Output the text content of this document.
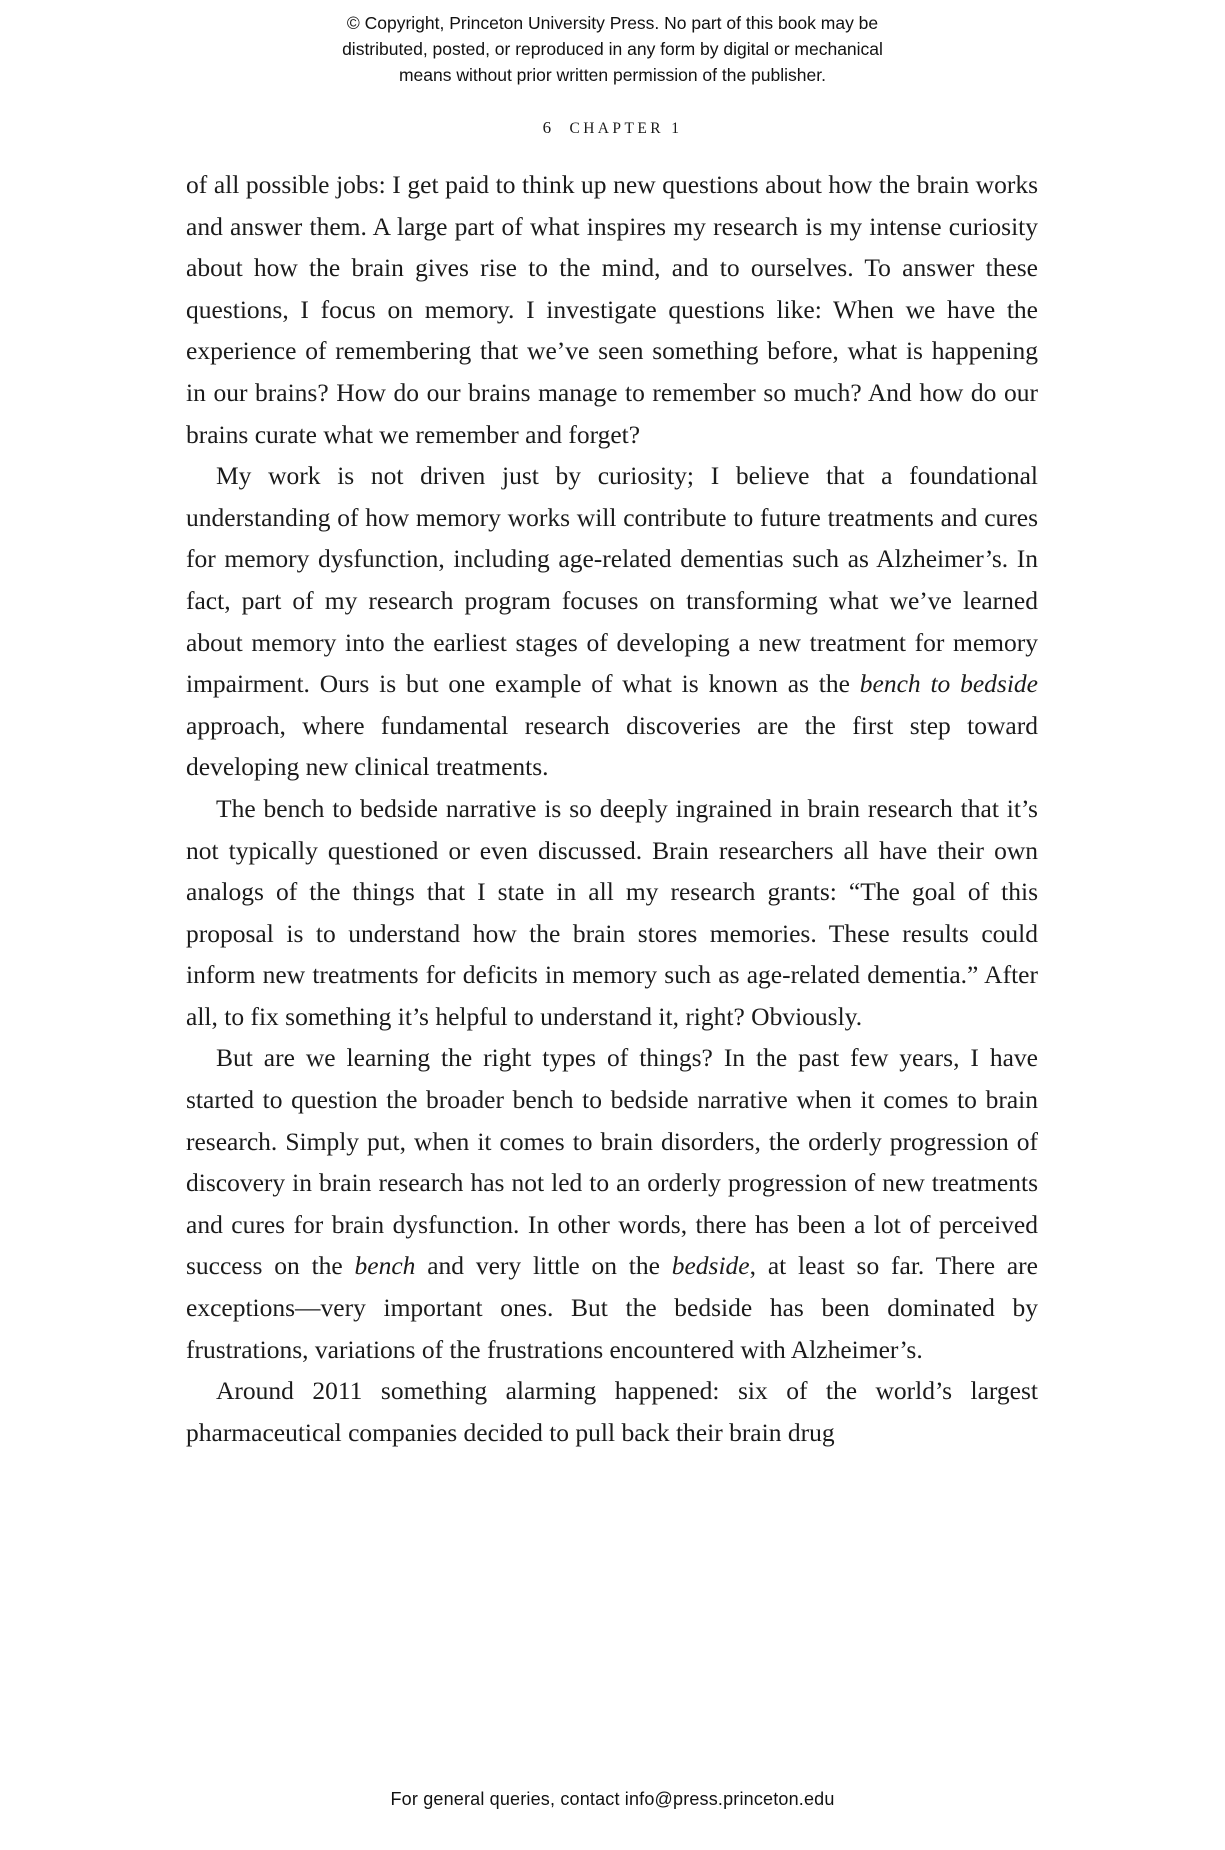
© Copyright, Princeton University Press. No part of this book may be
distributed, posted, or reproduced in any form by digital or mechanical
means without prior written permission of the publisher.
6 CHAPTER 1

of all possible jobs: I get paid to think up new questions about how the brain works and answer them. A large part of what inspires my research is my intense curiosity about how the brain gives rise to the mind, and to ourselves. To answer these questions, I focus on memory. I investigate questions like: When we have the experience of remembering that we’ve seen something before, what is happening in our brains? How do our brains manage to remember so much? And how do our brains curate what we remember and forget?

My work is not driven just by curiosity; I believe that a foundational understanding of how memory works will contribute to future treatments and cures for memory dysfunction, including age-related dementias such as Alzheimer’s. In fact, part of my research program focuses on transforming what we’ve learned about memory into the earliest stages of developing a new treatment for memory impairment. Ours is but one example of what is known as the bench to bedside approach, where fundamental research discoveries are the first step toward developing new clinical treatments.

The bench to bedside narrative is so deeply ingrained in brain research that it’s not typically questioned or even discussed. Brain researchers all have their own analogs of the things that I state in all my research grants: “The goal of this proposal is to understand how the brain stores memories. These results could inform new treatments for deficits in memory such as age-related dementia.” After all, to fix something it’s helpful to understand it, right? Obviously.

But are we learning the right types of things? In the past few years, I have started to question the broader bench to bedside narrative when it comes to brain research. Simply put, when it comes to brain disorders, the orderly progression of discovery in brain research has not led to an orderly progression of new treatments and cures for brain dysfunction. In other words, there has been a lot of perceived success on the bench and very little on the bedside, at least so far. There are exceptions—very important ones. But the bedside has been dominated by frustrations, variations of the frustrations encountered with Alzheimer’s.

Around 2011 something alarming happened: six of the world’s largest pharmaceutical companies decided to pull back their brain drug

For general queries, contact info@press.princeton.edu
